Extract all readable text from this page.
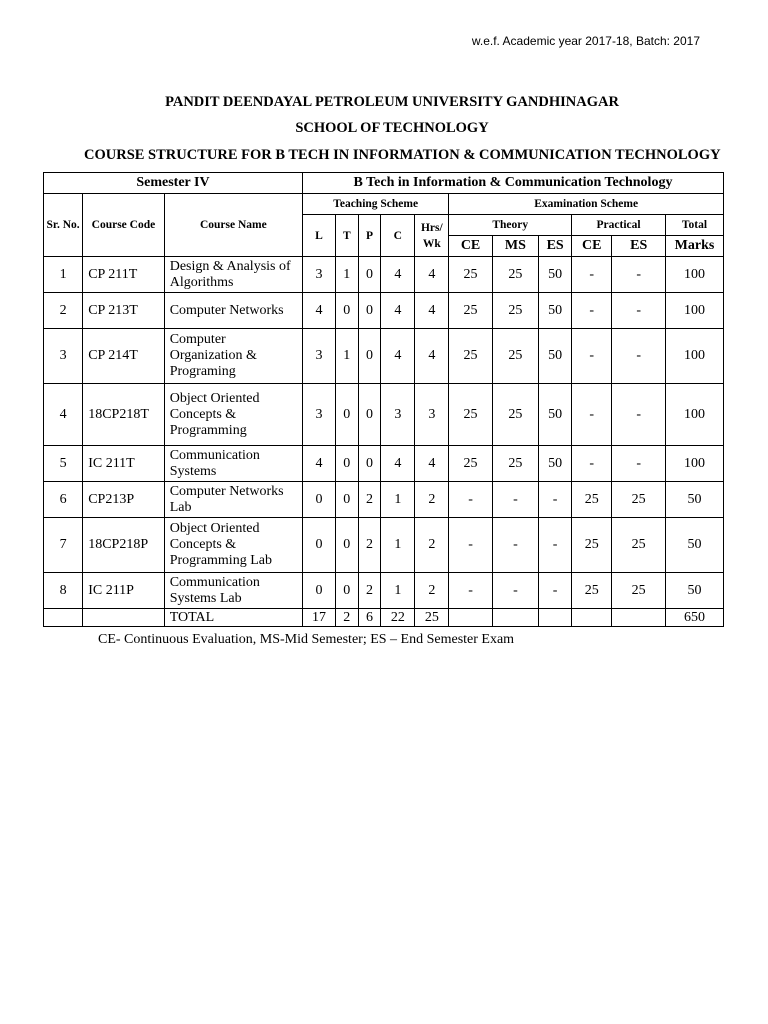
w.e.f. Academic year 2017-18, Batch: 2017
PANDIT DEENDAYAL PETROLEUM UNIVERSITY GANDHINAGAR
SCHOOL OF TECHNOLOGY
COURSE STRUCTURE FOR B TECH IN INFORMATION & COMMUNICATION TECHNOLOGY
Semester IV			B Tech in Information & Communication Technology										
Sr. No.	Course Code	Course Name	Teaching Scheme					Examination Scheme					
			L	T	P	C	Hrs/ Wk	Theory			Practical		Total
								CE	MS	ES	CE	ES	Marks
1	CP 211T	Design & Analysis of Algorithms	3	1	0	4	4	25	25	50	-	-	100
2	CP 213T	Computer Networks	4	0	0	4	4	25	25	50	-	-	100
3	CP 214T	Computer Organization & Programing	3	1	0	4	4	25	25	50	-	-	100
4	18CP218T	Object Oriented Concepts & Programming	3	0	0	3	3	25	25	50	-	-	100
5	IC 211T	Communication Systems	4	0	0	4	4	25	25	50	-	-	100
6	CP213P	Computer Networks Lab	0	0	2	1	2	-	-	-	25	25	50
7	18CP218P	Object Oriented Concepts & Programming Lab	0	0	2	1	2	-	-	-	25	25	50
8	IC 211P	Communication Systems Lab	0	0	2	1	2	-	-	-	25	25	50
		TOTAL	17	2	6	22	25						650
CE- Continuous Evaluation, MS-Mid Semester; ES – End Semester Exam
